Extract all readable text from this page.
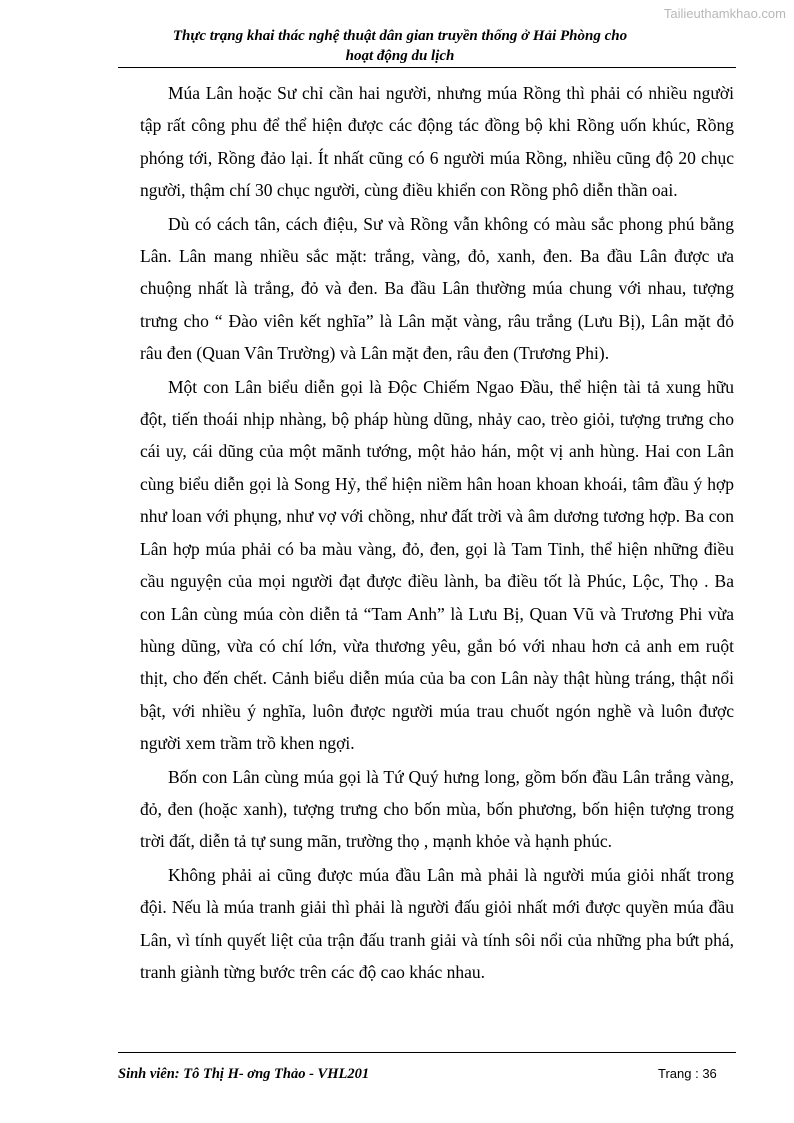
Tailieuthamkhao.com
Thực trạng khai thác nghệ thuật dân gian truyền thống ở Hải Phòng cho
hoạt động du lịch

Múa Lân hoặc Sư chỉ cần hai người, nhưng múa Rồng thì phải có nhiều người tập rất công phu để thể hiện được các động tác đồng bộ khi Rồng uốn khúc, Rồng phóng tới, Rồng đảo lại. Ít nhất cũng có 6 người múa Rồng, nhiều cũng độ 20 chục người, thậm chí 30 chục người, cùng điều khiển con Rồng phô diễn thần oai.

Dù có cách tân, cách điệu, Sư và Rồng vẫn không có màu sắc phong phú bằng Lân. Lân mang nhiều sắc mặt: trắng, vàng, đỏ, xanh, đen. Ba đầu Lân được ưa chuộng nhất là trắng, đỏ và đen. Ba đầu Lân thường múa chung với nhau, tượng trưng cho “ Đào viên kết nghĩa” là Lân mặt vàng, râu trắng (Lưu Bị), Lân mặt đỏ râu đen (Quan Vân Trường) và Lân mặt đen, râu đen (Trương Phi).

Một con Lân biểu diễn gọi là Độc Chiếm Ngao Đầu, thể hiện tài tả xung hữu đột, tiến thoái nhịp nhàng, bộ pháp hùng dũng, nhảy cao, trèo giỏi, tượng trưng cho cái uy, cái dũng của một mãnh tướng, một hảo hán, một vị anh hùng. Hai con Lân cùng biểu diễn gọi là Song Hỷ, thể hiện niềm hân hoan khoan khoái, tâm đầu ý hợp như loan với phụng, như vợ với chồng, như đất trời và âm dương tương hợp. Ba con Lân hợp múa phải có ba màu vàng, đỏ, đen, gọi là Tam Tinh, thể hiện những điều cầu nguyện của mọi người đạt được điều lành, ba điều tốt là Phúc, Lộc, Thọ . Ba con Lân cùng múa còn diễn tả “Tam Anh” là Lưu Bị, Quan Vũ và Trương Phi vừa hùng dũng, vừa có chí lớn, vừa thương yêu, gắn bó với nhau hơn cả anh em ruột thịt, cho đến chết. Cảnh biểu diễn múa của ba con Lân này thật hùng tráng, thật nổi bật, với nhiều ý nghĩa, luôn được người múa trau chuốt ngón nghề và luôn được người xem trầm trồ khen ngợi.

Bốn con Lân cùng múa gọi là Tứ Quý hưng long, gồm bốn đầu Lân trắng vàng, đỏ, đen (hoặc xanh), tượng trưng cho bốn mùa, bốn phương, bốn hiện tượng trong trời đất, diễn tả tự sung mãn, trường thọ , mạnh khỏe và hạnh phúc.

Không phải ai cũng được múa đầu Lân mà phải là người múa giỏi nhất trong đội. Nếu là múa tranh giải thì phải là người đấu giỏi nhất mới được quyền múa đầu Lân, vì tính quyết liệt của trận đấu tranh giải và tính sôi nổi của những pha bứt phá, tranh giành từng bước trên các độ cao khác nhau.

Sinh viên: Tô Thị H- ơng Thảo - VHL201	Trang : 36
